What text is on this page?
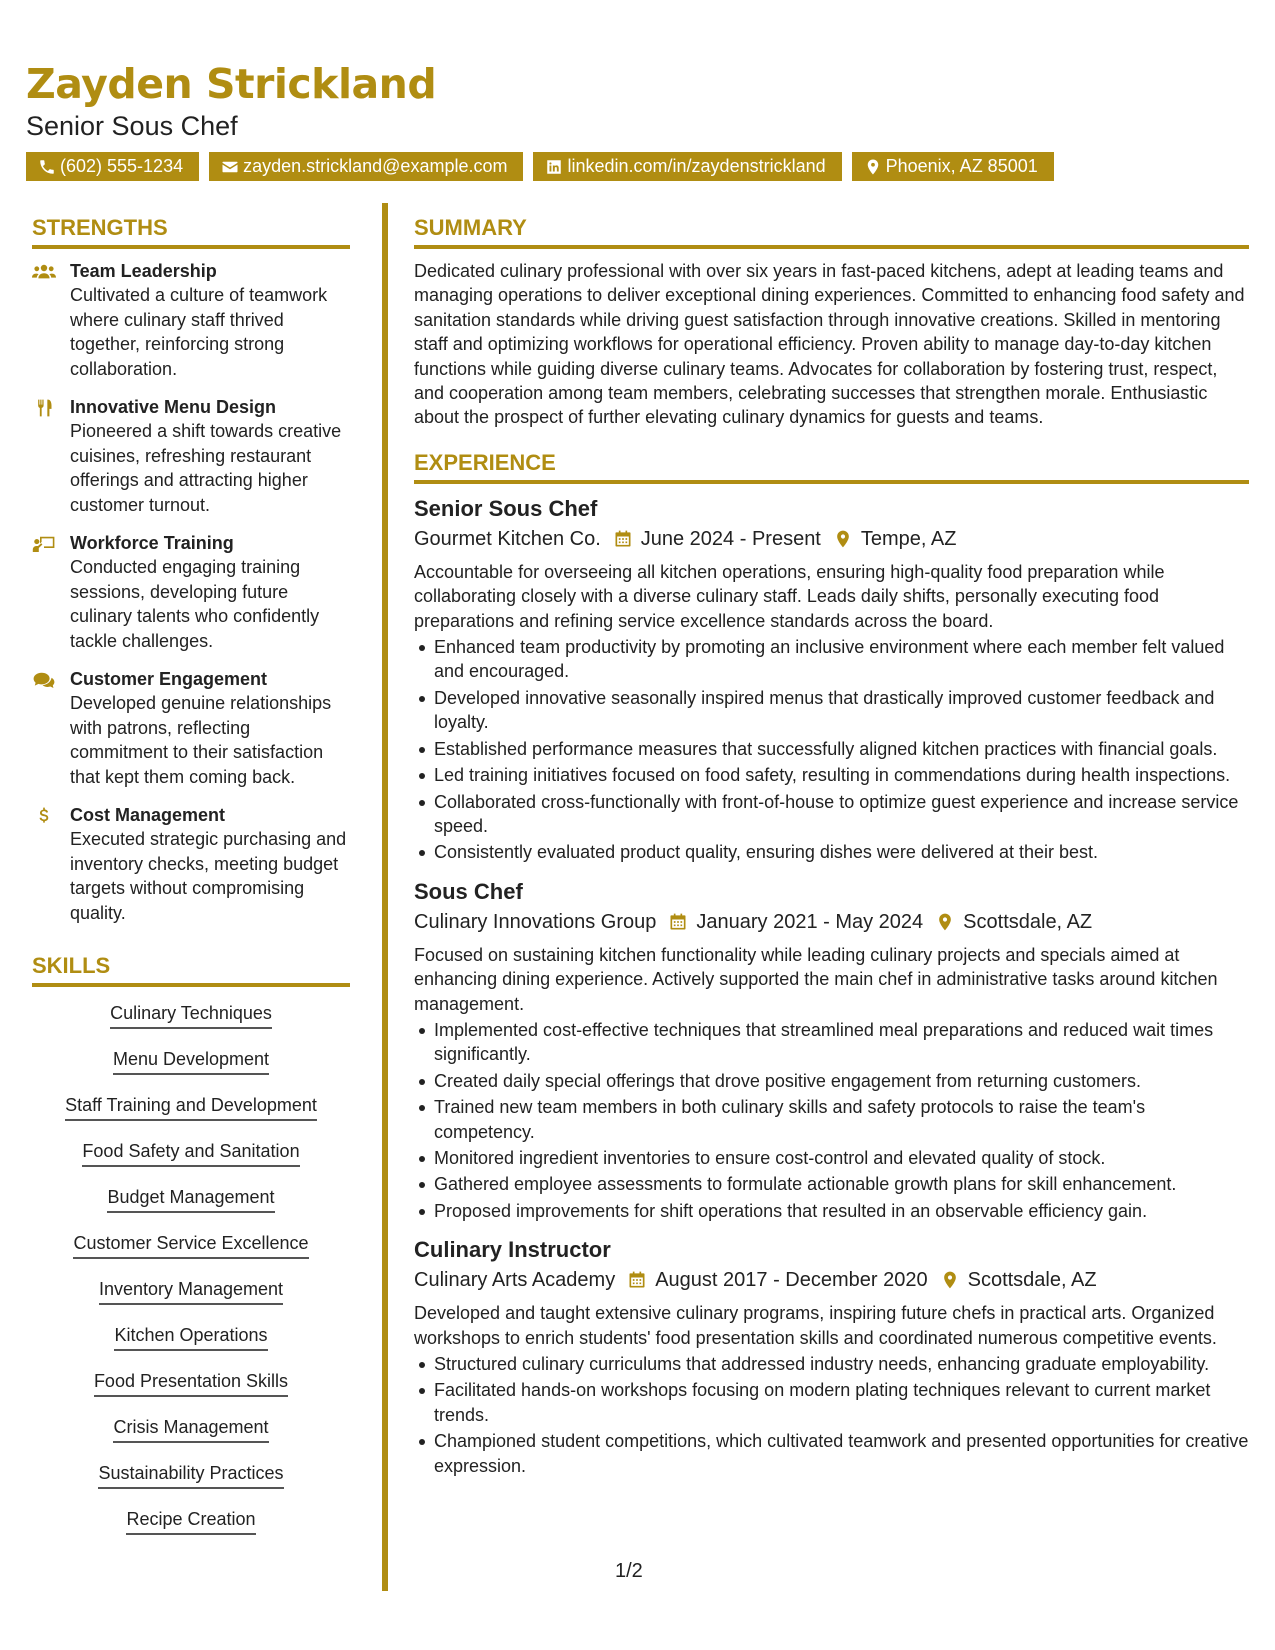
Zayden Strickland
Senior Sous Chef
(602) 555-1234	zayden.strickland@example.com	linkedin.com/in/zaydenstrickland	Phoenix, AZ 85001
STRENGTHS
Team Leadership
Cultivated a culture of teamwork where culinary staff thrived together, reinforcing strong collaboration.
Innovative Menu Design
Pioneered a shift towards creative cuisines, refreshing restaurant offerings and attracting higher customer turnout.
Workforce Training
Conducted engaging training sessions, developing future culinary talents who confidently tackle challenges.
Customer Engagement
Developed genuine relationships with patrons, reflecting commitment to their satisfaction that kept them coming back.
Cost Management
Executed strategic purchasing and inventory checks, meeting budget targets without compromising quality.
SKILLS
Culinary Techniques
Menu Development
Staff Training and Development
Food Safety and Sanitation
Budget Management
Customer Service Excellence
Inventory Management
Kitchen Operations
Food Presentation Skills
Crisis Management
Sustainability Practices
Recipe Creation
SUMMARY
Dedicated culinary professional with over six years in fast-paced kitchens, adept at leading teams and managing operations to deliver exceptional dining experiences. Committed to enhancing food safety and sanitation standards while driving guest satisfaction through innovative creations. Skilled in mentoring staff and optimizing workflows for operational efficiency. Proven ability to manage day-to-day kitchen functions while guiding diverse culinary teams. Advocates for collaboration by fostering trust, respect, and cooperation among team members, celebrating successes that strengthen morale. Enthusiastic about the prospect of further elevating culinary dynamics for guests and teams.
EXPERIENCE
Senior Sous Chef
Gourmet Kitchen Co. June 2024 - Present Tempe, AZ
Accountable for overseeing all kitchen operations, ensuring high-quality food preparation while collaborating closely with a diverse culinary staff. Leads daily shifts, personally executing food preparations and refining service excellence standards across the board.
Enhanced team productivity by promoting an inclusive environment where each member felt valued and encouraged.
Developed innovative seasonally inspired menus that drastically improved customer feedback and loyalty.
Established performance measures that successfully aligned kitchen practices with financial goals.
Led training initiatives focused on food safety, resulting in commendations during health inspections.
Collaborated cross-functionally with front-of-house to optimize guest experience and increase service speed.
Consistently evaluated product quality, ensuring dishes were delivered at their best.
Sous Chef
Culinary Innovations Group January 2021 - May 2024 Scottsdale, AZ
Focused on sustaining kitchen functionality while leading culinary projects and specials aimed at enhancing dining experience. Actively supported the main chef in administrative tasks around kitchen management.
Implemented cost-effective techniques that streamlined meal preparations and reduced wait times significantly.
Created daily special offerings that drove positive engagement from returning customers.
Trained new team members in both culinary skills and safety protocols to raise the team's competency.
Monitored ingredient inventories to ensure cost-control and elevated quality of stock.
Gathered employee assessments to formulate actionable growth plans for skill enhancement.
Proposed improvements for shift operations that resulted in an observable efficiency gain.
Culinary Instructor
Culinary Arts Academy August 2017 - December 2020 Scottsdale, AZ
Developed and taught extensive culinary programs, inspiring future chefs in practical arts. Organized workshops to enrich students' food presentation skills and coordinated numerous competitive events.
Structured culinary curriculums that addressed industry needs, enhancing graduate employability.
Facilitated hands-on workshops focusing on modern plating techniques relevant to current market trends.
Championed student competitions, which cultivated teamwork and presented opportunities for creative expression.
1/2
